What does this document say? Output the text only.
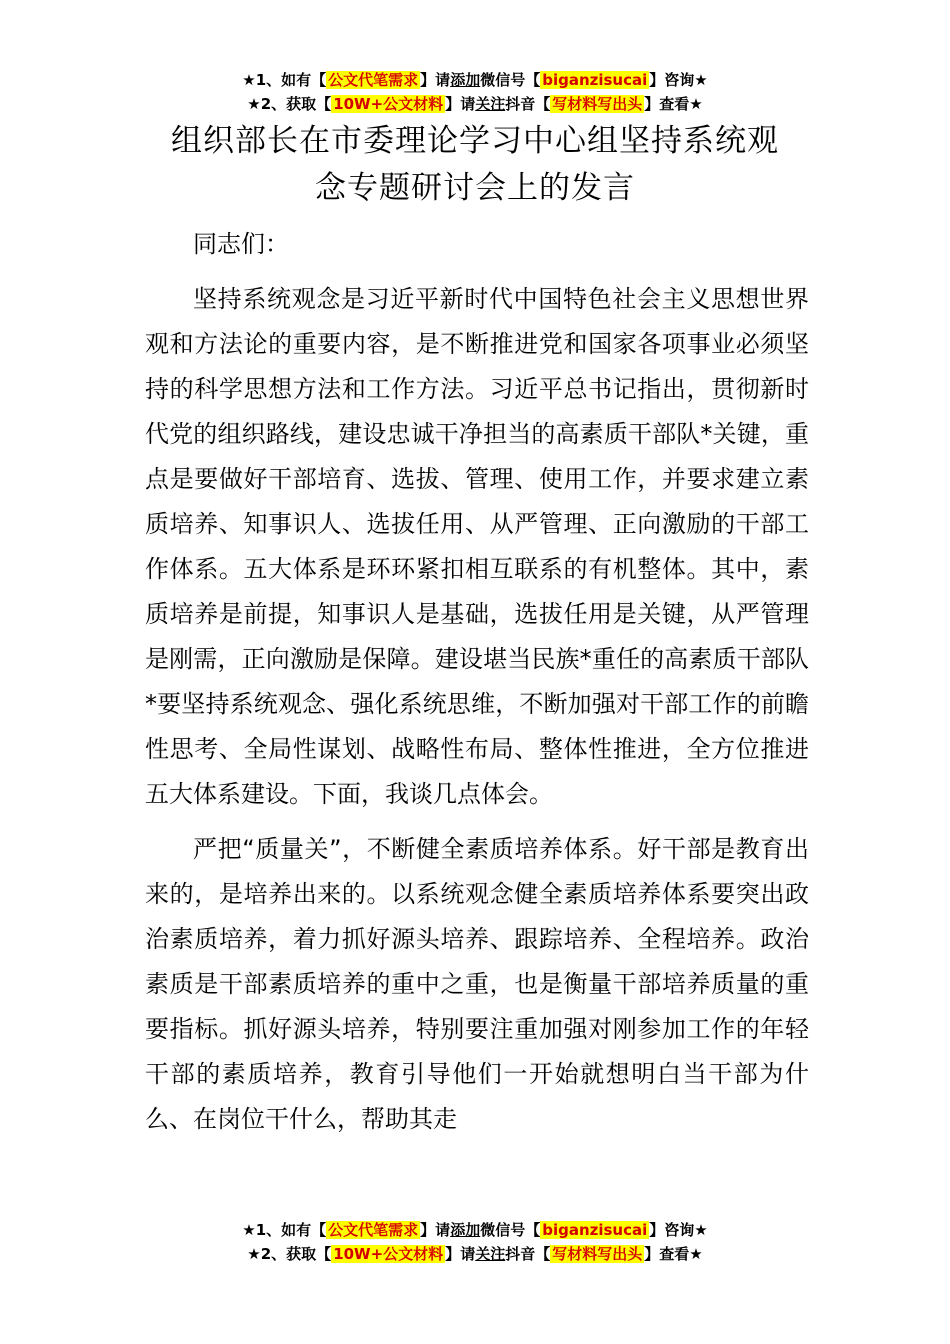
★1、如有【 公文代笔需求 】请添加微信号【 biganzisucai 】咨询★
★2、获取【 10W+公文材料 】请关注抖音【 写材料写出头 】查看★
组织部长在市委理论学习中心组坚持系统观
念专题研讨会上的发言

同志们：

坚持系统观念是习近平新时代中国特色社会主义思想世界观和方法论的重要内容，是不断推进党和国家各项事业必须坚持的科学思想方法和工作方法。习近平总书记指出，贯彻新时代党的组织路线，建设忠诚干净担当的高素质干部队*关键，重点是要做好干部培育、选拔、管理、使用工作，并要求建立素质培养、知事识人、选拔任用、从严管理、正向激励的干部工作体系。五大体系是环环紧扣相互联系的有机整体。其中，素质培养是前提，知事识人是基础，选拔任用是关键，从严管理是刚需，正向激励是保障。建设堪当民族*重任的高素质干部队*要坚持系统观念、强化系统思维，不断加强对干部工作的前瞻性思考、全局性谋划、战略性布局、整体性推进，全方位推进五大体系建设。下面，我谈几点体会。

严把“质量关”，不断健全素质培养体系。好干部是教育出来的，是培养出来的。以系统观念健全素质培养体系要突出政治素质培养，着力抓好源头培养、跟踪培养、全程培养。政治素质是干部素质培养的重中之重，也是衡量干部培养质量的重要指标。抓好源头培养，特别要注重加强对刚参加工作的年轻干部的素质培养，教育引导他们一开始就想明白当干部为什么、在岗位干什么，帮助其走

★1、如有【 公文代笔需求 】请添加微信号【 biganzisucai 】咨询★
★2、获取【 10W+公文材料 】请关注抖音【 写材料写出头 】查看★
